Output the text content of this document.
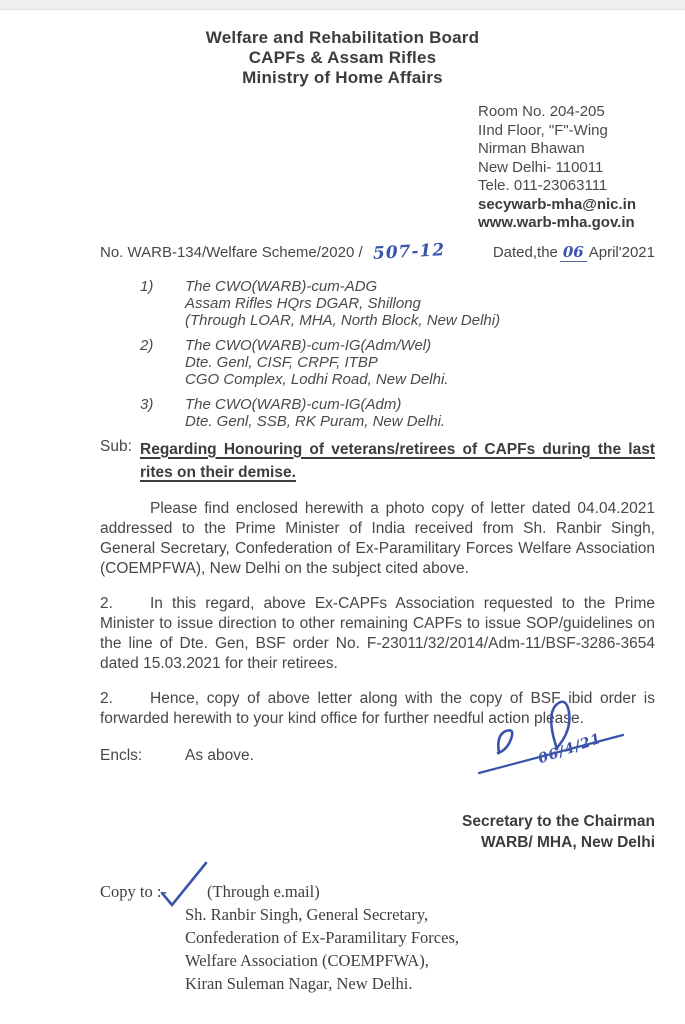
Welfare and Rehabilitation Board
CAPFs & Assam Rifles
Ministry of Home Affairs
Room No. 204-205
IInd Floor, "F"-Wing
Nirman Bhawan
New Delhi- 110011
Tele. 011-23063111
secywarb-mha@nic.in
www.warb-mha.gov.in
No. WARB-134/Welfare Scheme/2020 / 507-12	Dated,the 06 April'2021
1)	The CWO(WARB)-cum-ADG
Assam Rifles HQrs DGAR, Shillong
(Through LOAR, MHA, North Block, New Delhi)
2)	The CWO(WARB)-cum-IG(Adm/Wel)
Dte. Genl, CISF, CRPF, ITBP
CGO Complex, Lodhi Road, New Delhi.
3)	The CWO(WARB)-cum-IG(Adm)
Dte. Genl, SSB, RK Puram, New Delhi.
Sub: Regarding Honouring of veterans/retirees of CAPFs during the last rites on their demise.

Please find enclosed herewith a photo copy of letter dated 04.04.2021 addressed to the Prime Minister of India received from Sh. Ranbir Singh, General Secretary, Confederation of Ex-Paramilitary Forces Welfare Association (COEMPFWA), New Delhi on the subject cited above.

2. In this regard, above Ex-CAPFs Association requested to the Prime Minister to issue direction to other remaining CAPFs to issue SOP/guidelines on the line of Dte. Gen, BSF order No. F-23011/32/2014/Adm-11/BSF-3286-3654 dated 15.03.2021 for their retirees.

2. Hence, copy of above letter along with the copy of BSF ibid order is forwarded herewith to your kind office for further needful action please.

Encls:	As above.	06/4/21
Secretary to the Chairman
WARB/ MHA, New Delhi
Copy to :-	(Through e.mail)
Sh. Ranbir Singh, General Secretary,
Confederation of Ex-Paramilitary Forces,
Welfare Association (COEMPFWA),
Kiran Suleman Nagar, New Delhi.
